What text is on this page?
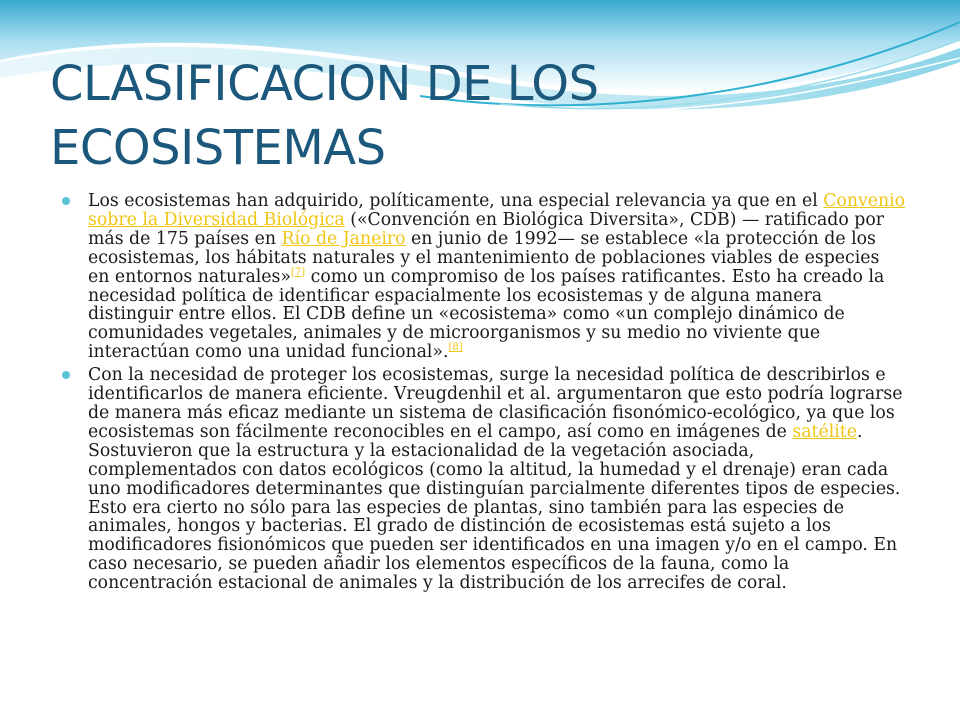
CLASIFICACION DE LOS
ECOSISTEMAS
Los ecosistemas han adquirido, políticamente, una especial relevancia ya que en el Convenio sobre la Diversidad Biológica («Convención en Biológica Diversita», CDB) — ratificado por más de 175 países en Río de Janeiro en junio de 1992— se establece «la protección de los ecosistemas, los hábitats naturales y el mantenimiento de poblaciones viables de especies en entornos naturales»[7] como un compromiso de los países ratificantes. Esto ha creado la necesidad política de identificar espacialmente los ecosistemas y de alguna manera distinguir entre ellos. El CDB define un «ecosistema» como «un complejo dinámico de comunidades vegetales, animales y de microorganismos y su medio no viviente que interactúan como una unidad funcional».[8]
Con la necesidad de proteger los ecosistemas, surge la necesidad política de describirlos e identificarlos de manera eficiente. Vreugdenhil et al. argumentaron que esto podría lograrse de manera más eficaz mediante un sistema de clasificación fisonómico-ecológico, ya que los ecosistemas son fácilmente reconocibles en el campo, así como en imágenes de satélite. Sostuvieron que la estructura y la estacionalidad de la vegetación asociada, complementados con datos ecológicos (como la altitud, la humedad y el drenaje) eran cada uno modificadores determinantes que distinguían parcialmente diferentes tipos de especies. Esto era cierto no sólo para las especies de plantas, sino también para las especies de animales, hongos y bacterias. El grado de distinción de ecosistemas está sujeto a los modificadores fisionómicos que pueden ser identificados en una imagen y/o en el campo. En caso necesario, se pueden añadir los elementos específicos de la fauna, como la concentración estacional de animales y la distribución de los arrecifes de coral.
